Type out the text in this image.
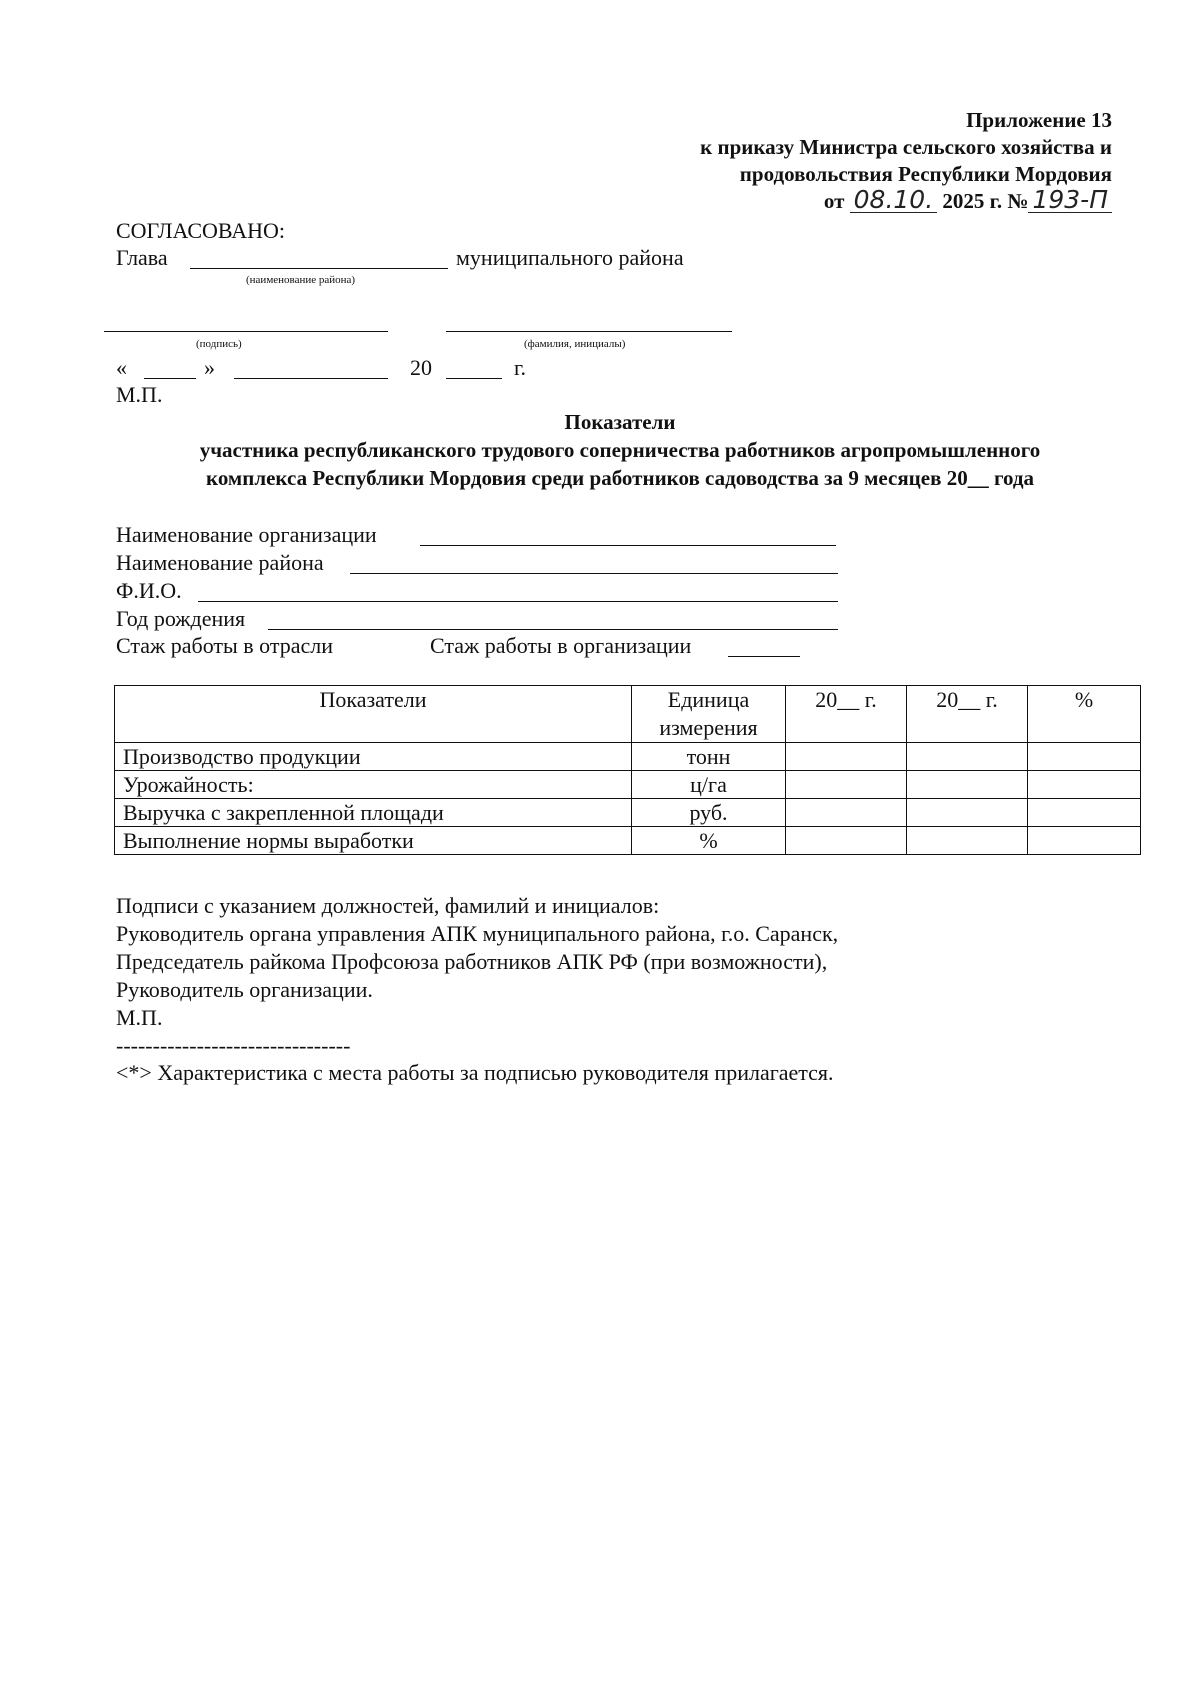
Приложение 13
к приказу Министра сельского хозяйства и
продовольствия Республики Мордовия
от 08.10. 2025 г. № 193-П
СОГЛАСОВАНО:
Глава	муниципального района
(наименование района)
(подпись)	(фамилия, инициалы)
«	»	20	г.
М.П.
Показатели
участника республиканского трудового соперничества работников агропромышленного
комплекса Республики Мордовия среди работников садоводства за 9 месяцев 20__ года
Наименование организации
Наименование района
Ф.И.О.
Год рождения
Стаж работы в отрасли	Стаж работы в организации
Показатели	Единица измерения	20__ г.	20__ г.	%
Производство продукции	тонн			
Урожайность:	ц/га			
Выручка с закрепленной площади	руб.			
Выполнение нормы выработки	%			
Подписи с указанием должностей, фамилий и инициалов:
Руководитель органа управления АПК муниципального района, г.о. Саранск,
Председатель райкома Профсоюза работников АПК РФ (при возможности),
Руководитель организации.
М.П.
--------------------------------
<*> Характеристика с места работы за подписью руководителя прилагается.
